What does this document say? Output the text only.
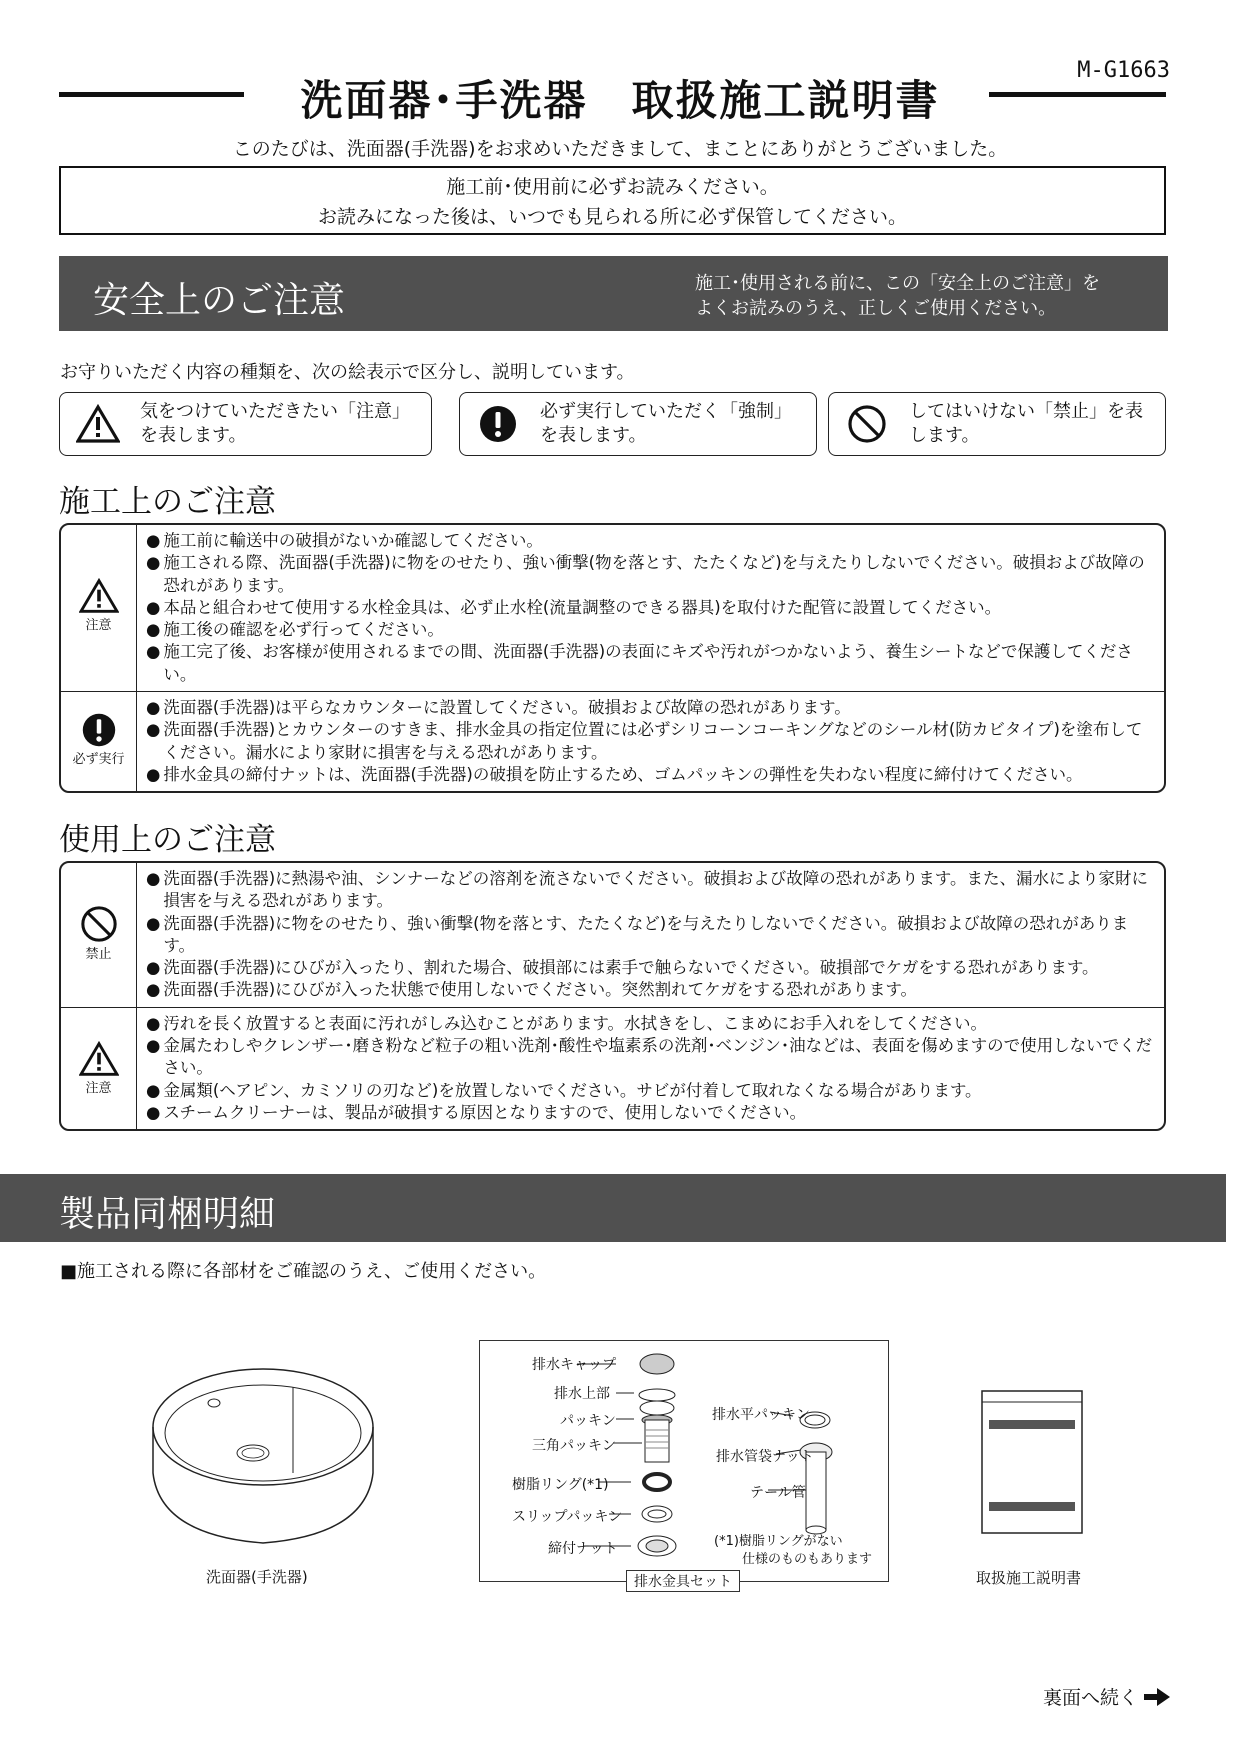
洗面器･手洗器　取扱施工説明書
M-G1663
このたびは、洗面器(手洗器)をお求めいただきまして、まことにありがとうございました。
施工前･使用前に必ずお読みください。
お読みになった後は、いつでも見られる所に必ず保管してください。
安全上のご注意	施工･使用される前に、この「安全上のご注意」を
よくお読みのうえ、正しくご使用ください。
お守りいただく内容の種類を、次の絵表示で区分し、説明しています。
気をつけていただきたい「注意」を表します。
必ず実行していただく「強制」を表します。
してはいけない「禁止」を表します。
施工上のご注意
注意
● 施工前に輸送中の破損がないか確認してください。
● 施工される際、洗面器(手洗器)に物をのせたり、強い衝撃(物を落とす、たたくなど)を与えたりしないでください。破損および故障の恐れがあります。
● 本品と組合わせて使用する水栓金具は、必ず止水栓(流量調整のできる器具)を取付けた配管に設置してください。
● 施工後の確認を必ず行ってください。
● 施工完了後、お客様が使用されるまでの間、洗面器(手洗器)の表面にキズや汚れがつかないよう、養生シートなどで保護してください。
必ず実行
● 洗面器(手洗器)は平らなカウンターに設置してください。破損および故障の恐れがあります。
● 洗面器(手洗器)とカウンターのすきま、排水金具の指定位置には必ずシリコーンコーキングなどのシール材(防カビタイプ)を塗布してください。漏水により家財に損害を与える恐れがあります。
● 排水金具の締付ナットは、洗面器(手洗器)の破損を防止するため、ゴムパッキンの弾性を失わない程度に締付けてください。
使用上のご注意
禁止
● 洗面器(手洗器)に熱湯や油、シンナーなどの溶剤を流さないでください。破損および故障の恐れがあります。また、漏水により家財に損害を与える恐れがあります。
● 洗面器(手洗器)に物をのせたり、強い衝撃(物を落とす、たたくなど)を与えたりしないでください。破損および故障の恐れがあります。
● 洗面器(手洗器)にひびが入ったり、割れた場合、破損部には素手で触らないでください。破損部でケガをする恐れがあります。
● 洗面器(手洗器)にひびが入った状態で使用しないでください。突然割れてケガをする恐れがあります。
注意
● 汚れを長く放置すると表面に汚れがしみ込むことがあります。水拭きをし、こまめにお手入れをしてください。
● 金属たわしやクレンザー･磨き粉など粒子の粗い洗剤･酸性や塩素系の洗剤･ベンジン･油などは、表面を傷めますので使用しないでください。
● 金属類(ヘアピン、カミソリの刃など)を放置しないでください。サビが付着して取れなくなる場合があります。
● スチームクリーナーは、製品が破損する原因となりますので、使用しないでください。
製品同梱明細
■施工される際に各部材をご確認のうえ、ご使用ください。
洗面器(手洗器)
排水キャップ
排水上部
パッキン
三角パッキン
樹脂リング(*1)
スリップパッキン
締付ナット
排水平パッキン
排水管袋ナット
テール管
(*1)樹脂リングがない
仕様のものもあります
排水金具セット	取扱施工説明書
裏面へ続く
